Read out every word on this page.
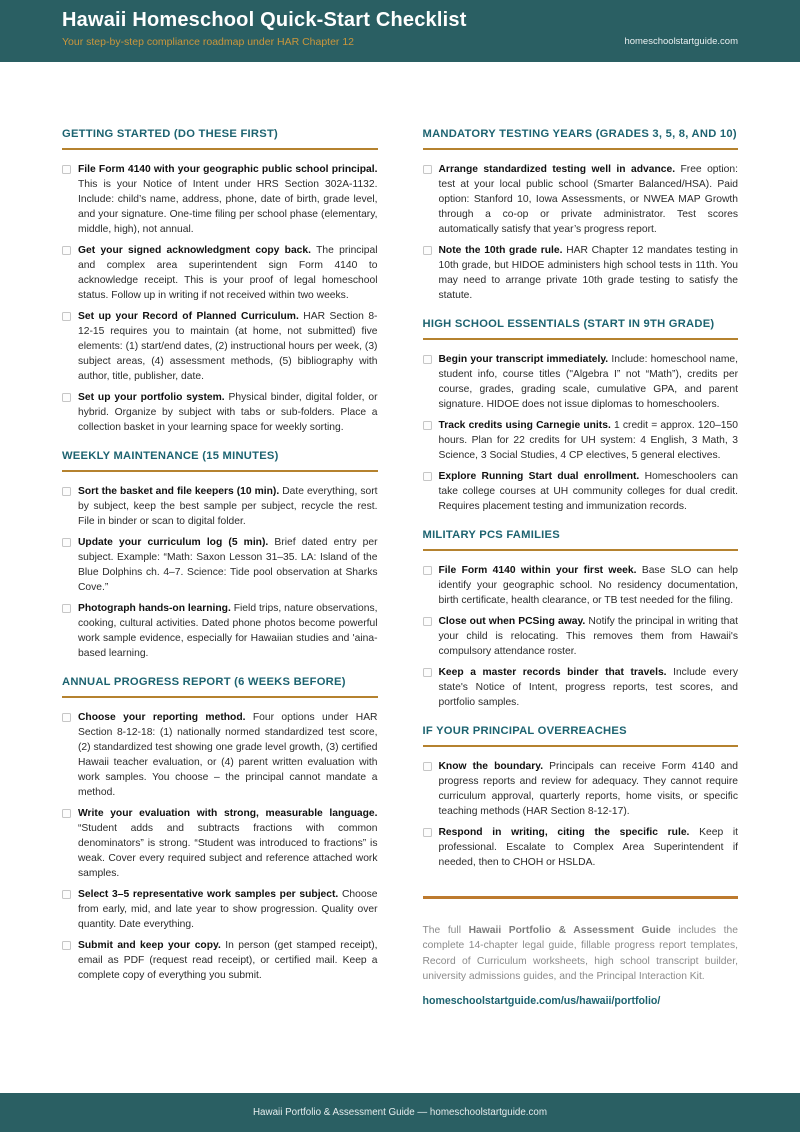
Hawaii Homeschool Quick-Start Checklist
Your step-by-step compliance roadmap under HAR Chapter 12	homeschoolstartguide.com
GETTING STARTED (DO THESE FIRST)
File Form 4140 with your geographic public school principal. This is your Notice of Intent under HRS Section 302A-1132. Include: child’s name, address, phone, date of birth, grade level, and your signature. One-time filing per school phase (elementary, middle, high), not annual.
Get your signed acknowledgment copy back. The principal and complex area superintendent sign Form 4140 to acknowledge receipt. This is your proof of legal homeschool status. Follow up in writing if not received within two weeks.
Set up your Record of Planned Curriculum. HAR Section 8-12-15 requires you to maintain (at home, not submitted) five elements: (1) start/end dates, (2) instructional hours per week, (3) subject areas, (4) assessment methods, (5) bibliography with author, title, publisher, date.
Set up your portfolio system. Physical binder, digital folder, or hybrid. Organize by subject with tabs or sub-folders. Place a collection basket in your learning space for weekly sorting.
WEEKLY MAINTENANCE (15 MINUTES)
Sort the basket and file keepers (10 min). Date everything, sort by subject, keep the best sample per subject, recycle the rest. File in binder or scan to digital folder.
Update your curriculum log (5 min). Brief dated entry per subject. Example: “Math: Saxon Lesson 31–35. LA: Island of the Blue Dolphins ch. 4–7. Science: Tide pool observation at Sharks Cove.”
Photograph hands-on learning. Field trips, nature observations, cooking, cultural activities. Dated phone photos become powerful work sample evidence, especially for Hawaiian studies and 'aina-based learning.
ANNUAL PROGRESS REPORT (6 WEEKS BEFORE)
Choose your reporting method. Four options under HAR Section 8-12-18: (1) nationally normed standardized test score, (2) standardized test showing one grade level growth, (3) certified Hawaii teacher evaluation, or (4) parent written evaluation with work samples. You choose – the principal cannot mandate a method.
Write your evaluation with strong, measurable language. “Student adds and subtracts fractions with common denominators” is strong. “Student was introduced to fractions” is weak. Cover every required subject and reference attached work samples.
Select 3–5 representative work samples per subject. Choose from early, mid, and late year to show progression. Quality over quantity. Date everything.
Submit and keep your copy. In person (get stamped receipt), email as PDF (request read receipt), or certified mail. Keep a complete copy of everything you submit.
MANDATORY TESTING YEARS (GRADES 3, 5, 8, AND 10)
Arrange standardized testing well in advance. Free option: test at your local public school (Smarter Balanced/HSA). Paid option: Stanford 10, Iowa Assessments, or NWEA MAP Growth through a co-op or private administrator. Test scores automatically satisfy that year’s progress report.
Note the 10th grade rule. HAR Chapter 12 mandates testing in 10th grade, but HIDOE administers high school tests in 11th. You may need to arrange private 10th grade testing to satisfy the statute.
HIGH SCHOOL ESSENTIALS (START IN 9TH GRADE)
Begin your transcript immediately. Include: homeschool name, student info, course titles ("Algebra I” not “Math”), credits per course, grades, grading scale, cumulative GPA, and parent signature. HIDOE does not issue diplomas to homeschoolers.
Track credits using Carnegie units. 1 credit = approx. 120–150 hours. Plan for 22 credits for UH system: 4 English, 3 Math, 3 Science, 3 Social Studies, 4 CP electives, 5 general electives.
Explore Running Start dual enrollment. Homeschoolers can take college courses at UH community colleges for dual credit. Requires placement testing and immunization records.
MILITARY PCS FAMILIES
File Form 4140 within your first week. Base SLO can help identify your geographic school. No residency documentation, birth certificate, health clearance, or TB test needed for the filing.
Close out when PCSing away. Notify the principal in writing that your child is relocating. This removes them from Hawaii's compulsory attendance roster.
Keep a master records binder that travels. Include every state's Notice of Intent, progress reports, test scores, and portfolio samples.
IF YOUR PRINCIPAL OVERREACHES
Know the boundary. Principals can receive Form 4140 and progress reports and review for adequacy. They cannot require curriculum approval, quarterly reports, home visits, or specific teaching methods (HAR Section 8-12-17).
Respond in writing, citing the specific rule. Keep it professional. Escalate to Complex Area Superintendent if needed, then to CHOH or HSLDA.

The full Hawaii Portfolio & Assessment Guide includes the complete 14-chapter legal guide, fillable progress report templates, Record of Curriculum worksheets, high school transcript builder, university admissions guides, and the Principal Interaction Kit.

homeschoolstartguide.com/us/hawaii/portfolio/
Hawaii Portfolio & Assessment Guide — homeschoolstartguide.com
